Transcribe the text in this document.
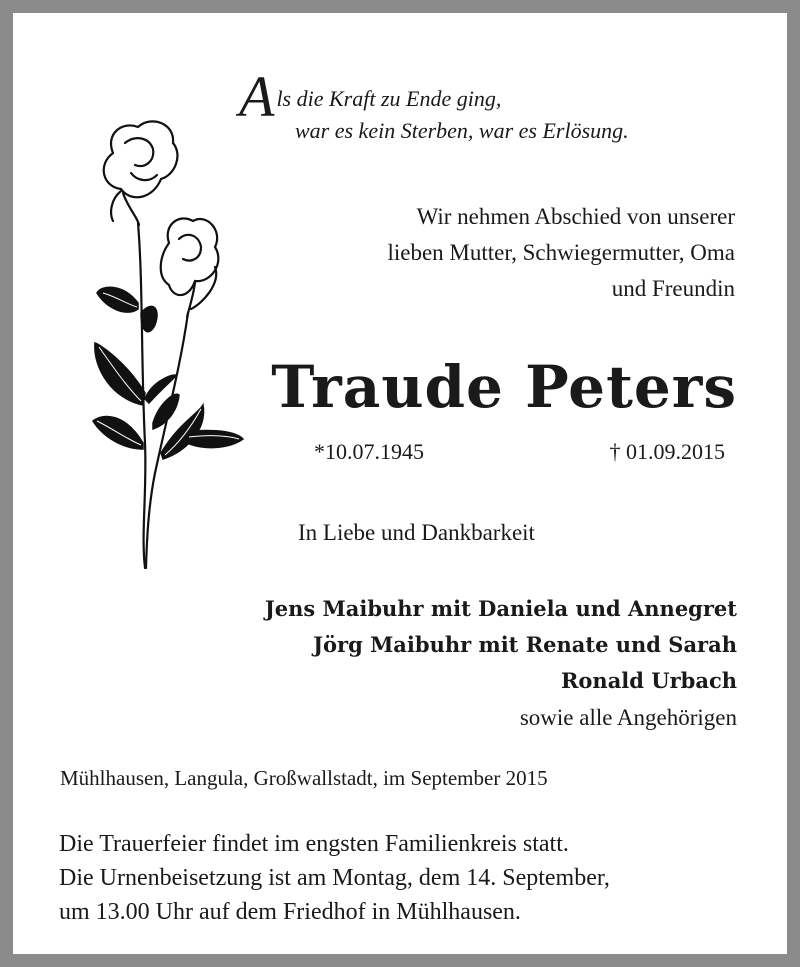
A ls die Kraft zu Ende ging,
war es kein Sterben, war es Erlösung.
Wir nehmen Abschied von unserer
lieben Mutter, Schwiegermutter, Oma
und Freundin
Traude Peters
*10.07.1945	† 01.09.2015
In Liebe und Dankbarkeit
Jens Maibuhr mit Daniela und Annegret
Jörg Maibuhr mit Renate und Sarah
Ronald Urbach
sowie alle Angehörigen
Mühlhausen, Langula, Großwallstadt, im September 2015
Die Trauerfeier findet im engsten Familienkreis statt.
Die Urnenbeisetzung ist am Montag, dem 14. September,
um 13.00 Uhr auf dem Friedhof in Mühlhausen.
